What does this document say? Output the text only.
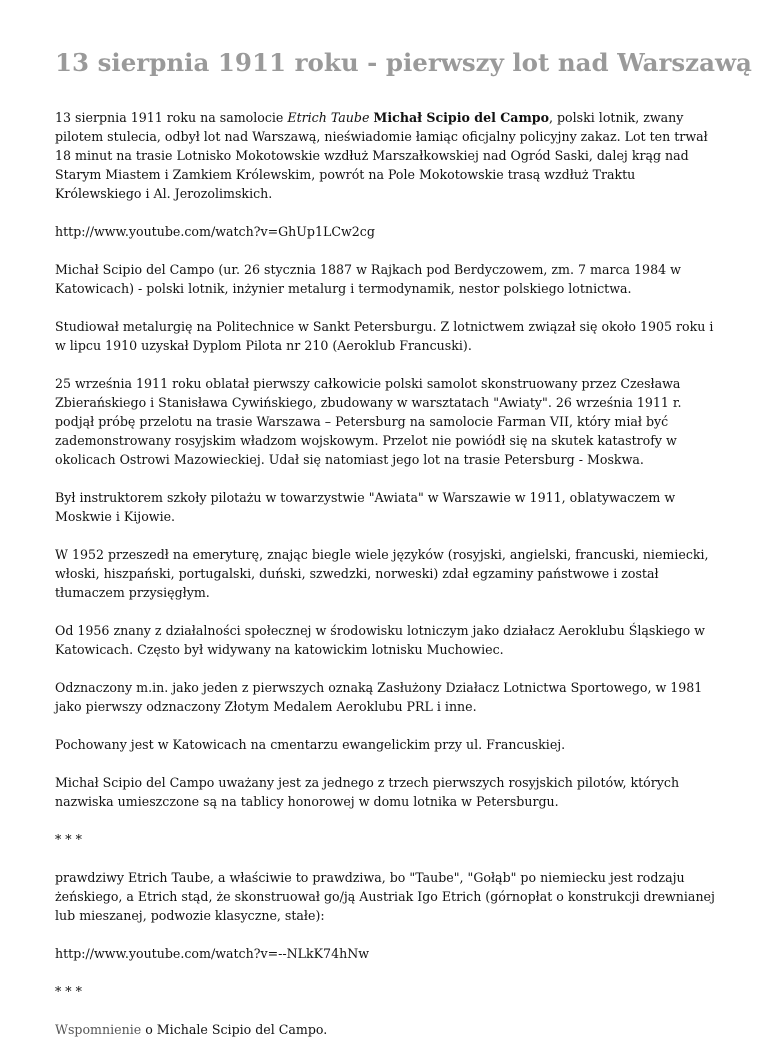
13 sierpnia 1911 roku - pierwszy lot nad Warszawą

13 sierpnia 1911 roku na samolocie Etrich Taube Michał Scipio del Campo, polski lotnik, zwany pilotem stulecia, odbył lot nad Warszawą, nieświadomie łamiąc oficjalny policyjny zakaz. Lot ten trwał 18 minut na trasie Lotnisko Mokotowskie wzdłuż Marszałkowskiej nad Ogród Saski, dalej krąg nad Starym Miastem i Zamkiem Królewskim, powrót na Pole Mokotowskie trasą wzdłuż Traktu Królewskiego i Al. Jerozolimskich.

http://www.youtube.com/watch?v=GhUp1LCw2cg

Michał Scipio del Campo (ur. 26 stycznia 1887 w Rajkach pod Berdyczowem, zm. 7 marca 1984 w Katowicach) - polski lotnik, inżynier metalurg i termodynamik, nestor polskiego lotnictwa.

Studiował metalurgię na Politechnice w Sankt Petersburgu. Z lotnictwem związał się około 1905 roku i w lipcu 1910 uzyskał Dyplom Pilota nr 210 (Aeroklub Francuski).

25 września 1911 roku oblatał pierwszy całkowicie polski samolot skonstruowany przez Czesława Zbierańskiego i Stanisława Cywińskiego, zbudowany w warsztatach "Awiaty". 26 września 1911 r. podjął próbę przelotu na trasie Warszawa – Petersburg na samolocie Farman VII, który miał być zademonstrowany rosyjskim władzom wojskowym. Przelot nie powiódł się na skutek katastrofy w okolicach Ostrowi Mazowieckiej. Udał się natomiast jego lot na trasie Petersburg - Moskwa.

Był instruktorem szkoły pilotażu w towarzystwie "Awiata" w Warszawie w 1911, oblatywaczem w Moskwie i Kijowie.

W 1952 przeszedł na emeryturę, znając biegle wiele języków (rosyjski, angielski, francuski, niemiecki, włoski, hiszpański, portugalski, duński, szwedzki, norweski) zdał egzaminy państwowe i został tłumaczem przysięgłym.

Od 1956 znany z działalności społecznej w środowisku lotniczym jako działacz Aeroklubu Śląskiego w Katowicach. Często był widywany na katowickim lotnisku Muchowiec.

Odznaczony m.in. jako jeden z pierwszych oznaką Zasłużony Działacz Lotnictwa Sportowego, w 1981 jako pierwszy odznaczony Złotym Medalem Aeroklubu PRL i inne.

Pochowany jest w Katowicach na cmentarzu ewangelickim przy ul. Francuskiej.

Michał Scipio del Campo uważany jest za jednego z trzech pierwszych rosyjskich pilotów, których nazwiska umieszczone są na tablicy honorowej w domu lotnika w Petersburgu.

* * *

prawdziwy Etrich Taube, a właściwie to prawdziwa, bo "Taube", "Gołąb" po niemiecku jest rodzaju żeńskiego, a Etrich stąd, że skonstruował go/ją Austriak Igo Etrich (górnopłat o konstrukcji drewnianej lub mieszanej, podwozie klasyczne, stałe):

http://www.youtube.com/watch?v=--NLkK74hNw

* * *

Wspomnienie o Michale Scipio del Campo.
